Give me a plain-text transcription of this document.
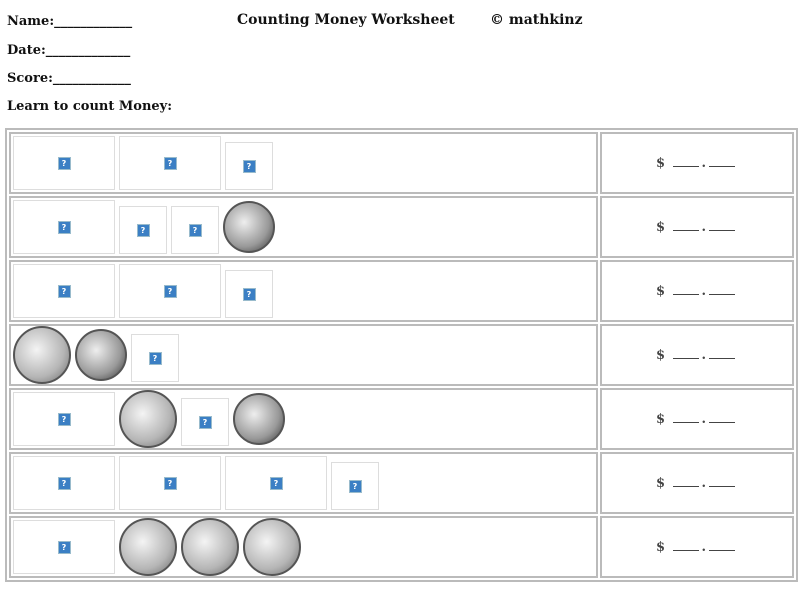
Name:____________
Date:_____________
Score:____________
Learn to count Money:
Counting Money Worksheet	© mathkinz
? ? ?	$ .

? ? ?	$ .

? ? ?	$ .

?	$ .

? ?	$ .

? ? ? ?	$ .

?	$ .
